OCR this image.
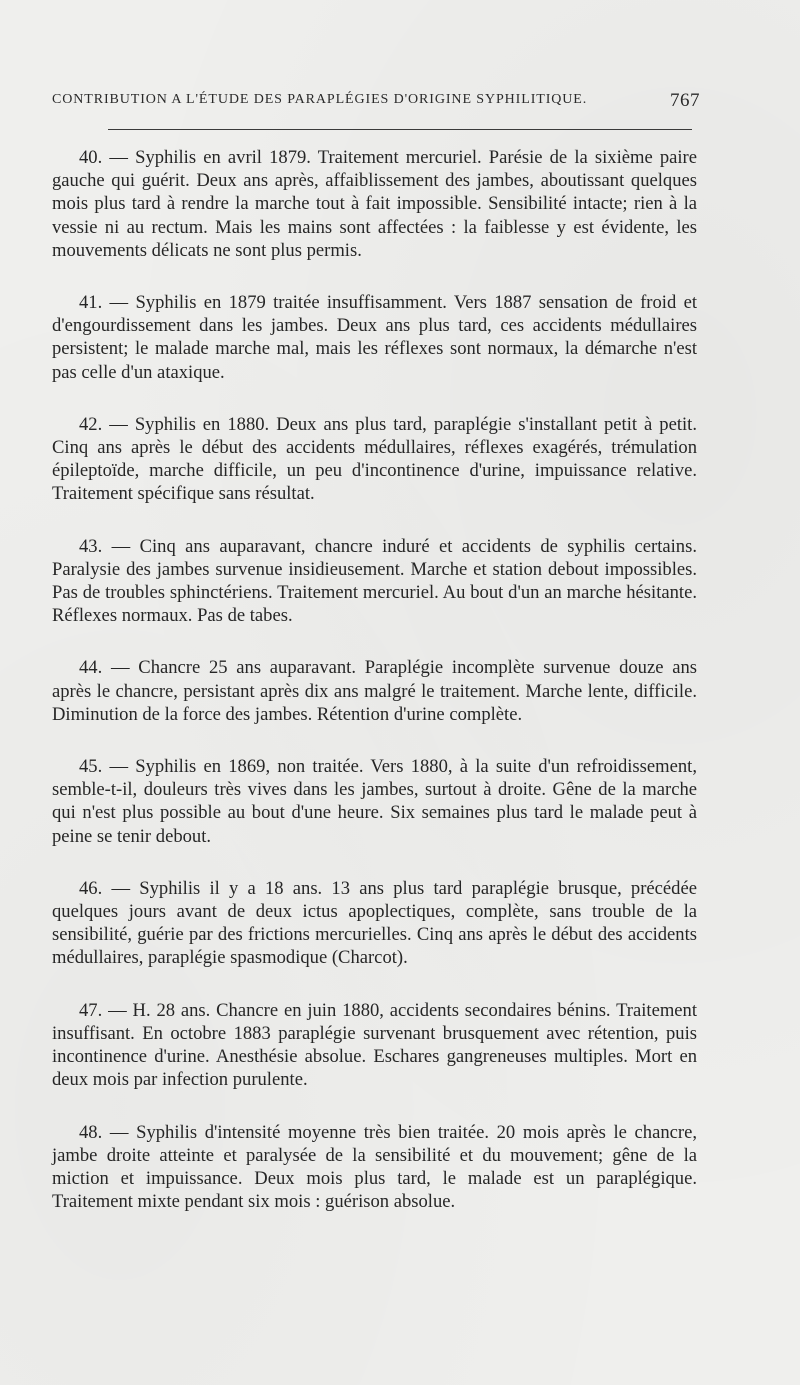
CONTRIBUTION A L'ÉTUDE DES PARAPLÉGIES D'ORIGINE SYPHILITIQUE.	767

40. — Syphilis en avril 1879. Traitement mercuriel. Parésie de la sixième paire gauche qui guérit. Deux ans après, affaiblissement des jambes, aboutissant quelques mois plus tard à rendre la marche tout à fait impossible. Sensibilité intacte; rien à la vessie ni au rectum. Mais les mains sont affectées : la faiblesse y est évidente, les mouvements délicats ne sont plus permis.

41. — Syphilis en 1879 traitée insuffisamment. Vers 1887 sensation de froid et d'engourdissement dans les jambes. Deux ans plus tard, ces accidents médullaires persistent; le malade marche mal, mais les réflexes sont normaux, la démarche n'est pas celle d'un ataxique.

42. — Syphilis en 1880. Deux ans plus tard, paraplégie s'installant petit à petit. Cinq ans après le début des accidents médullaires, réflexes exagérés, trémulation épileptoïde, marche difficile, un peu d'incontinence d'urine, impuissance relative. Traitement spécifique sans résultat.

43. — Cinq ans auparavant, chancre induré et accidents de syphilis certains. Paralysie des jambes survenue insidieusement. Marche et station debout impossibles. Pas de troubles sphinctériens. Traitement mercuriel. Au bout d'un an marche hésitante. Réflexes normaux. Pas de tabes.

44. — Chancre 25 ans auparavant. Paraplégie incomplète survenue douze ans après le chancre, persistant après dix ans malgré le traitement. Marche lente, difficile. Diminution de la force des jambes. Rétention d'urine complète.

45. — Syphilis en 1869, non traitée. Vers 1880, à la suite d'un refroidissement, semble-t-il, douleurs très vives dans les jambes, surtout à droite. Gêne de la marche qui n'est plus possible au bout d'une heure. Six semaines plus tard le malade peut à peine se tenir debout.

46. — Syphilis il y a 18 ans. 13 ans plus tard paraplégie brusque, précédée quelques jours avant de deux ictus apoplectiques, complète, sans trouble de la sensibilité, guérie par des frictions mercurielles. Cinq ans après le début des accidents médullaires, paraplégie spasmodique (Charcot).

47. — H. 28 ans. Chancre en juin 1880, accidents secondaires bénins. Traitement insuffisant. En octobre 1883 paraplégie survenant brusquement avec rétention, puis incontinence d'urine. Anesthésie absolue. Eschares gangreneuses multiples. Mort en deux mois par infection purulente.

48. — Syphilis d'intensité moyenne très bien traitée. 20 mois après le chancre, jambe droite atteinte et paralysée de la sensibilité et du mouvement; gêne de la miction et impuissance. Deux mois plus tard, le malade est un paraplégique. Traitement mixte pendant six mois : guérison absolue.
